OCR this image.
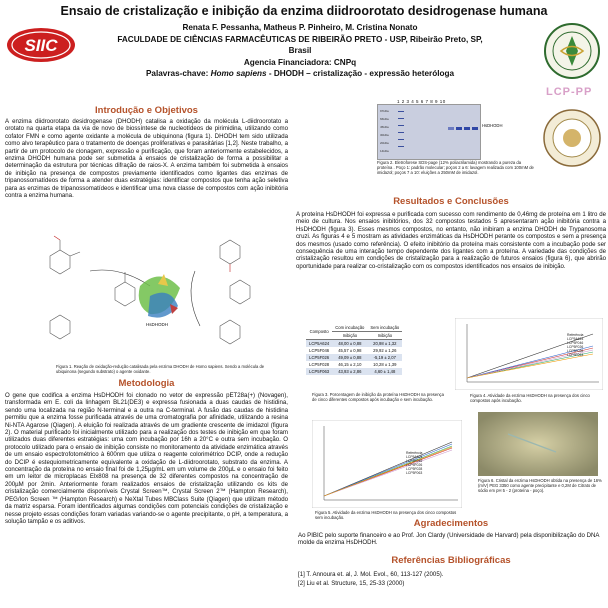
Ensaio de cristalização e inibição da enzima diidroorotato desidrogenase humana
Renata F. Pessanha, Matheus P. Pinheiro, M. Cristina Nonato
FACULDADE DE CIÊNCIAS FARMACÊUTICAS DE RIBEIRÃO PRETO - USP, Ribeirão Preto, SP, Brasil
Agencia Financiadora: CNPq
Palavras-chave: Homo sapiens - DHODH – cristalização - expressão heteróloga
SIIC
LCP-PP
Introdução e Objetivos
A enzima diidroorotato desidrogenase (DHODH) catalisa a oxidação da molécula L-diidroorotato a orotato na quarta etapa da via de novo de biossíntese de nucleotídeos de pirimidina, utilizando como cofator FMN e como agente oxidante a molécula de ubiquinona (figura 1). DHODH tem sido utilizada como alvo terapêutico para o tratamento de doenças proliferativas e parasitárias [1,2]. Neste trabalho, a partir de um protocolo de clonagem, expressão e purificação, que foram anteriormente estabelecidos, a enzima DHODH humana pode ser submetida à ensaios de cristalização de forma a possibilitar a determinação da estrutura por técnicas difração de raios-X. A enzima também foi submetida à ensaios de inibição na presença de compostos previamente identificados como ligantes das enzimas de tripanossomatídeos de forma a atender duas estratégias: identificar compostos que tenha ação seletiva para as enzimas de tripanossomatídeos e identificar uma nova classe de compostos com ação inibitória contra a enzima humana.
HsDHODH
Figura 1. Reação de oxidação-redução catalisada pela enzima DHODH de Homo sapiens. Sendo a molécula de ubiquinona (segundo substrato) o agente oxidante.
Metodologia
O gene que codifica a enzima HsDHODH foi clonado no vetor de expressão pET28a(+) (Novagen), transformada em E. coli da linhagem BL21(DE3) e expressa fusionada a duas caudas de histidina, sendo uma localizada na região N-terminal e a outra na C-terminal. A fusão das caudas de histidina permitiu que a enzima fosse purificada através de uma cromatografia por afinidade, utilizando a resina Ni-NTA Agarose (Qiagen). A eluição foi realizada através de um gradiente crescente de imidazol (figura 2). O material purificado foi inicialmente utilizado para a realização dos testes de inibição em que foram utilizados duas diferentes estratégias: uma com incubação por 16h a 20°C e outra sem incubação. O protocolo utilizado para o ensaio de inibição consiste no monitoramento da atividade enzimática através de um ensaio espectrofotométrico à 600nm que utiliza o reagente colorimétrico DCIP, onde a redução do DCIP é estequiometricamente equivalente a oxidação de L-diidroorotato, substrato da enzima. A concentração da proteína no ensaio final foi de 1,25µg/mL em um volume de 200µL e o ensaio foi feito em um leitor de microplacas Elx808 na presença de 32 diferentes compostos na concentração de 200µM por 2min. Anteriormente foram realizados ensaios de cristalização utilizando os kits de cristalização comercialmente disponíveis Crystal Screen™, Crystal Screen 2™ (Hampton Research), PEG/Ion Screen ™ (Hampton Research) e NeXtal Tubes MBClass Suite (Qiagen) que utilizam método da matriz esparsa. Foram identificados algumas condições com potenciais condições de cristalização e nesse projeto essas condições foram variadas variando-se o agente precipitante, o pH, a temperatura, a solução tampão e os aditivos.
1 2 3 4 5 6 7 8 9 10
97kDa
66kDa
45kDa
30kDa
20kDa
14kDa
HsDHODH
Figura 2. Eletroforese SDS-page (12% poliacrilamida) mostrando a pureza da proteína . Poço 1: padrão molecular; poços 2 a 6: lavagem realizada com 100mM de imidazol; poços 7 a 10: eluições a 250mM de imidazol.
Resultados e Conclusões
A proteína HsDHODH foi expressa e purificada com sucesso com rendimento de 0,46mg de proteína em 1 litro de meio de cultura. Nos ensaios inibitórios, dos 32 compostos testados 5 apresentaram ação inibitória contra a HsDHODH (figura 3). Esses mesmos compostos, no entanto, não inibiram a enzima DHODH de Trypanosoma cruzi. As figuras 4 e 5 mostram as atividades enzimáticas da HsDHODH perante os compostos e sem a presença dos mesmos (usado como referência). O efeito inibitório da proteína mais consistente com a incubação pode ser consequência de uma interação tempo dependente dos ligantes com a proteína. A variedade das condições de cristalização resultou em condições de cristalização para a realização de futuros ensaios (figura 6), que abrirão oportunidade para realizar co-cristalização com os compostos identificados nos ensaios de inibição.
Composto	Com incubação	Sem incubação
	Inibição	Inibição
LCP5A624	48,00 ± 0,88	20,98 ± 1,32
LCP5F046	45,57 ± 0,98	29,92 ± 1,26
LCP5F026	49,09 ± 0,88	-5,19 ± 2,07
LCP5F028	46,15 ± 2,10	10,28 ± 1,39
LCP5F063	43,93 ± 2,86	4,60 ± 1,48
Figura 3. Porcentagem de inibição da proteína HsDHODH na presença de cinco diferentes compostos após incubação e sem incubação.
Referência
LCP5A624
LCP5F046
LCP5F026
LCP5F028
LCP5F063
Figura 4. Atividade da enzima HsDHODH na presença dos cinco compostos após incubação.
Referência
LCP5A624
LCP5F046
LCP5F026
LCP5F028
LCP5F063
Figura 5. Atividade da enzima HsDHODH na presença dos cinco compostos sem incubação.
Figura 6. Cristal da enzima HsDHODH obtida na presença de 16% (m/V) PEG 3350 como agente precipitante e 0,2M de Citrato de sódio em pH 5 - 2 (proteína - poço).
Agradecimentos
Ao PIBIC pelo suporte financeiro e ao Prof. Jon Clardy (Universidade de Harvard) pela disponibilização do DNA molde da enzima HsDHODH.
Referências Bibliográficas
[1] T. Annoura et. al, J. Mol. Evol., 60, 113-127 (2005).
[2] Liu et al. Structure, 15, 25-33 (2000)
